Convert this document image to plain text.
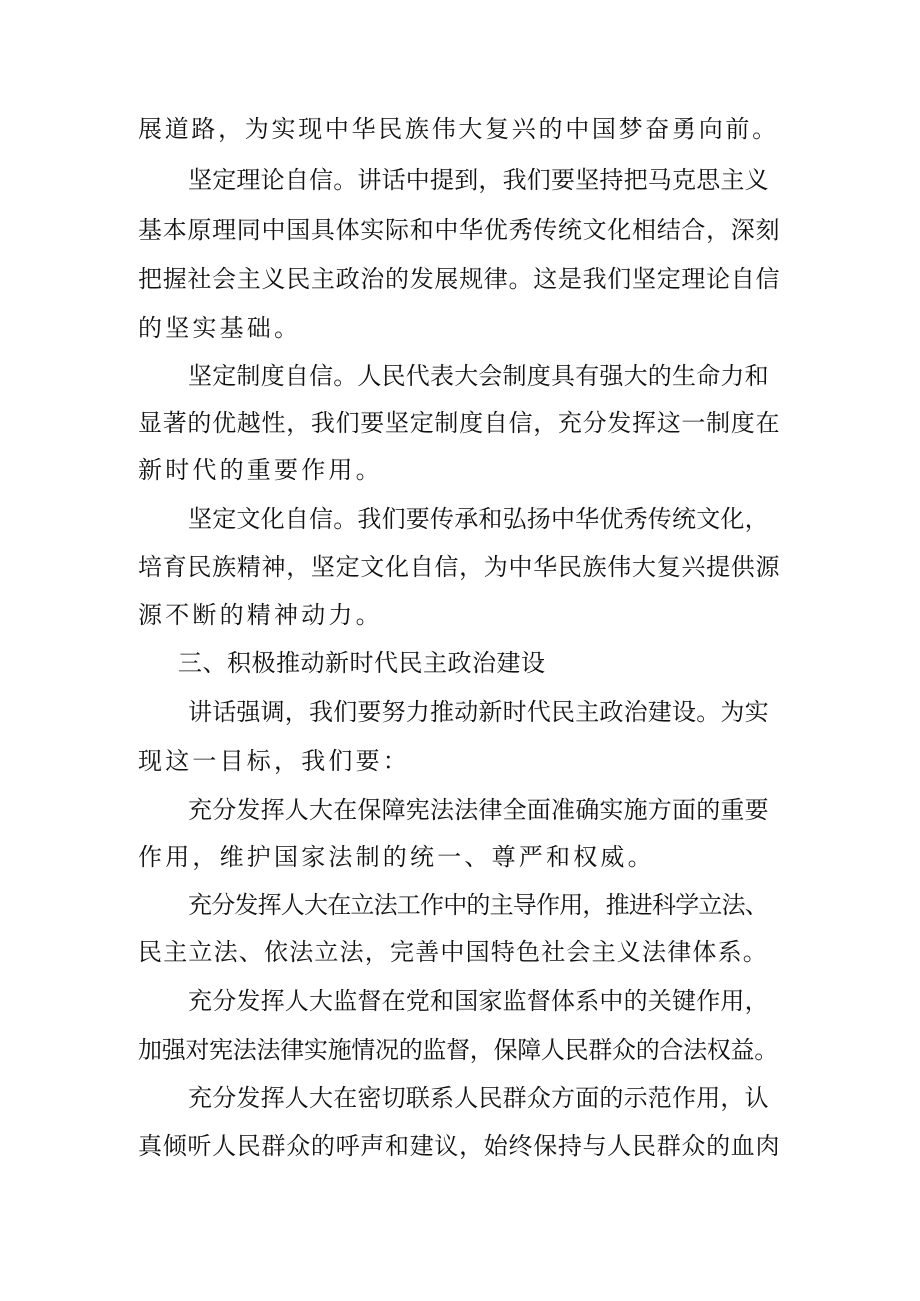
展道路，为实现中华民族伟大复兴的中国梦奋勇向前。
坚定理论自信。讲话中提到，我们要坚持把马克思主义
基本原理同中国具体实际和中华优秀传统文化相结合，深刻
把握社会主义民主政治的发展规律。这是我们坚定理论自信
的坚实基础。
坚定制度自信。人民代表大会制度具有强大的生命力和
显著的优越性，我们要坚定制度自信，充分发挥这一制度在
新时代的重要作用。
坚定文化自信。我们要传承和弘扬中华优秀传统文化，
培育民族精神，坚定文化自信，为中华民族伟大复兴提供源
源不断的精神动力。
三、积极推动新时代民主政治建设
讲话强调，我们要努力推动新时代民主政治建设。为实
现这一目标，我们要：
充分发挥人大在保障宪法法律全面准确实施方面的重要
作用，维护国家法制的统一、尊严和权威。
充分发挥人大在立法工作中的主导作用，推进科学立法、
民主立法、依法立法，完善中国特色社会主义法律体系。
充分发挥人大监督在党和国家监督体系中的关键作用，
加强对宪法法律实施情况的监督，保障人民群众的合法权益。
充分发挥人大在密切联系人民群众方面的示范作用，认
真倾听人民群众的呼声和建议，始终保持与人民群众的血肉
